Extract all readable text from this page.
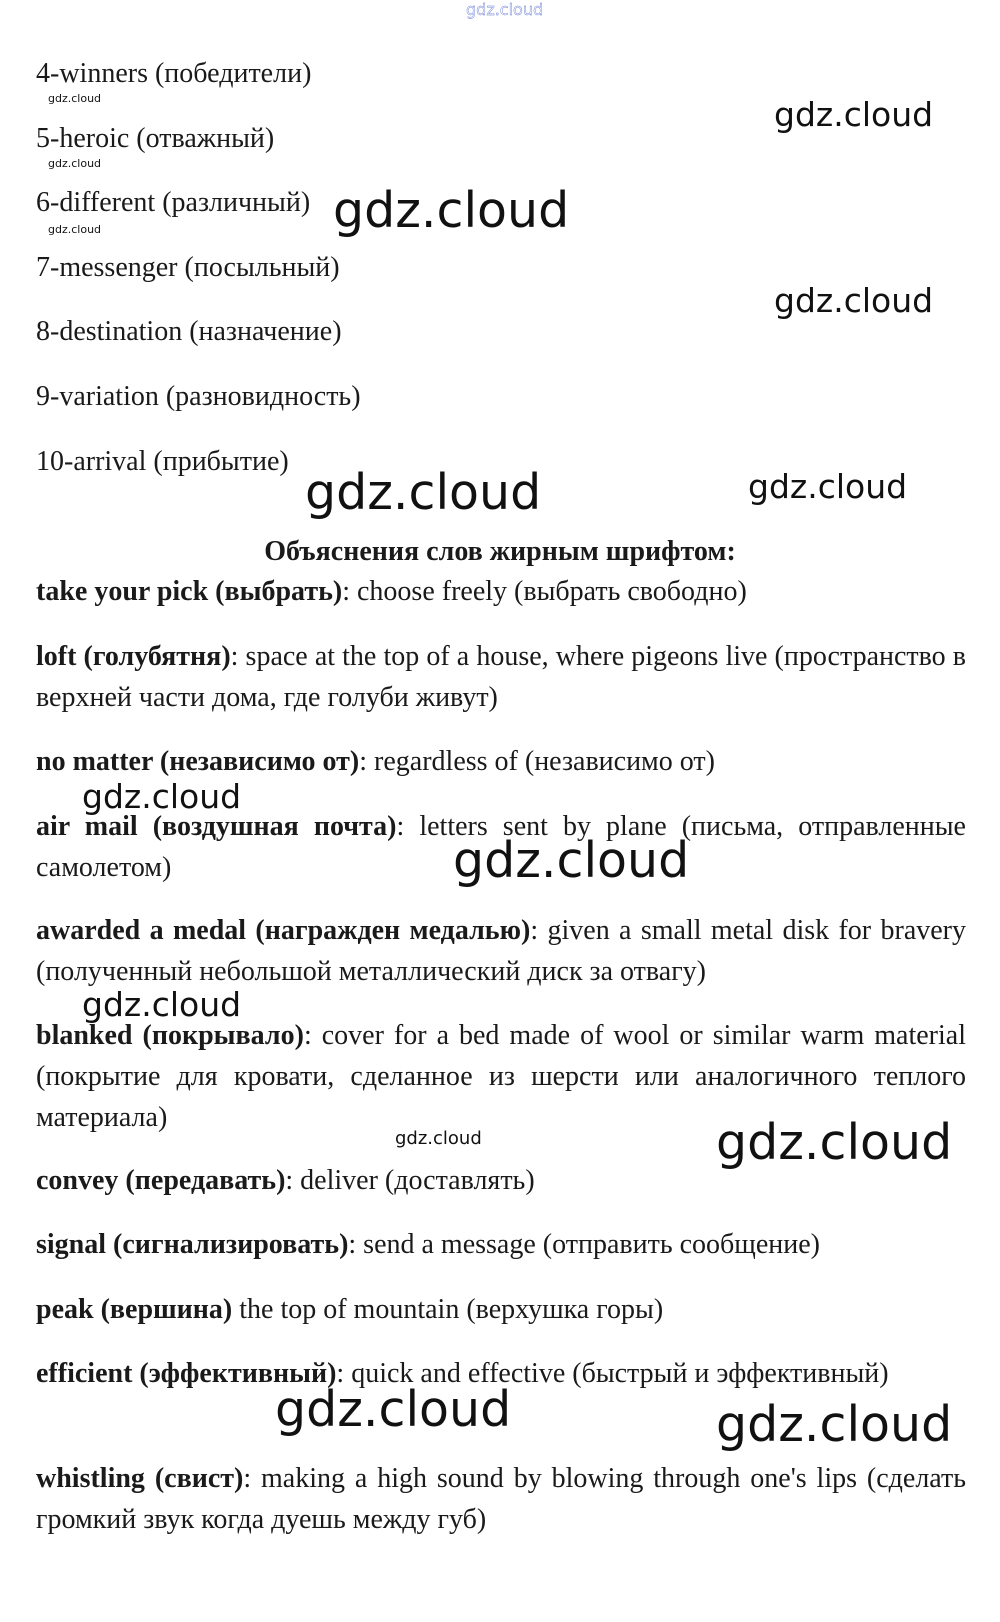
gdz.cloud
4-winners (победители)
5-heroic (отважный)
6-different (различный)
7-messenger (посыльный)
8-destination (назначение)
9-variation (разновидность)
10-arrival (прибытие)
Объяснения слов жирным шрифтом:
take your pick (выбрать): choose freely (выбрать свободно)
loft (голубятня): space at the top of a house, where pigeons live (пространство в верхней части дома, где голуби живут)
no matter (независимо от): regardless of (независимо от)
air mail (воздушная почта): letters sent by plane (письма, отправленные самолетом)
awarded a medal (награжден медалью): given a small metal disk for bravery (полученный небольшой металлический диск за отвагу)
blanked (покрывало): cover for a bed made of wool or similar warm material (покрытие для кровати, сделанное из шерсти или аналогичного теплого материала)
convey (передавать): deliver (доставлять)
signal (сигнализировать): send a message (отправить сообщение)
peak (вершина) the top of mountain (верхушка горы)
efficient (эффективный): quick and effective (быстрый и эффективный)
whistling (свист): making a high sound by blowing through one's lips (сделать громкий звук когда дуешь между губ)
gdz.cloud
gdz.cloud
gdz.cloud
gdz.cloud
gdz.cloud
gdz.cloud
gdz.cloud	gdz.cloud
gdz.cloud
gdz.cloud
gdz.cloud
gdz.cloud	gdz.cloud
gdz.cloud	gdz.cloud
